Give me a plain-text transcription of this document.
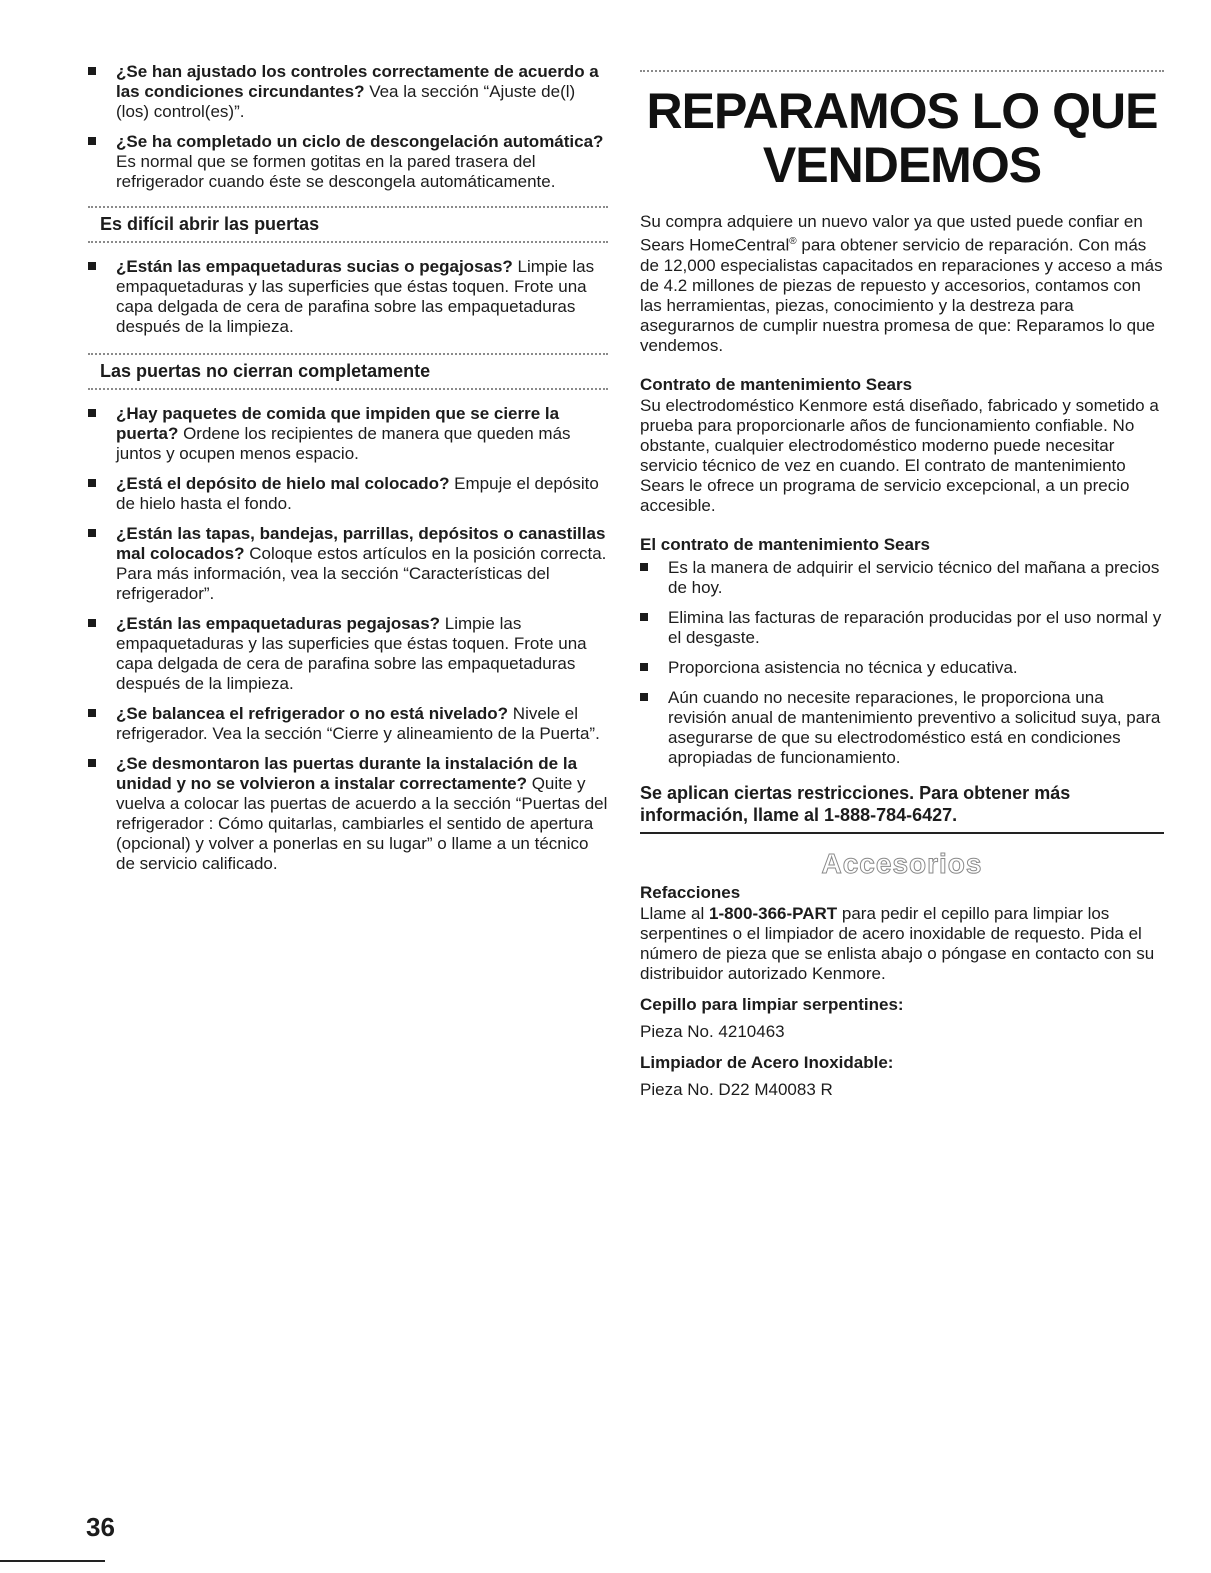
¿Se han ajustado los controles correctamente de acuerdo a las condiciones circundantes? Vea la sección “Ajuste de(l) (los) control(es)”.
¿Se ha completado un ciclo de descongelación automática? Es normal que se formen gotitas en la pared trasera del refrigerador cuando éste se descongela automáticamente.
Es difícil abrir las puertas
¿Están las empaquetaduras sucias o pegajosas? Limpie las empaquetaduras y las superficies que éstas toquen. Frote una capa delgada de cera de parafina sobre las empaquetaduras después de la limpieza.
Las puertas no cierran completamente
¿Hay paquetes de comida que impiden que se cierre la puerta? Ordene los recipientes de manera que queden más juntos y ocupen menos espacio.
¿Está el depósito de hielo mal colocado? Empuje el depósito de hielo hasta el fondo.
¿Están las tapas, bandejas, parrillas, depósitos o canastillas mal colocados? Coloque estos artículos en la posición correcta. Para más información, vea la sección “Características del refrigerador”.
¿Están las empaquetaduras pegajosas? Limpie las empaquetaduras y las superficies que éstas toquen. Frote una capa delgada de cera de parafina sobre las empaquetaduras después de la limpieza.
¿Se balancea el refrigerador o no está nivelado? Nivele el refrigerador. Vea la sección “Cierre y alineamiento de la Puerta”.
¿Se desmontaron las puertas durante la instalación de la unidad y no se volvieron a instalar correctamente? Quite y vuelva a colocar las puertas de acuerdo a la sección “Puertas del refrigerador : Cómo quitarlas, cambiarles el sentido de apertura (opcional) y volver a ponerlas en su lugar” o llame a un técnico de servicio calificado.
REPARAMOS LO QUE
VENDEMOS

Su compra adquiere un nuevo valor ya que usted puede confiar en Sears HomeCentral® para obtener servicio de reparación. Con más de 12,000 especialistas capacitados en reparaciones y acceso a más de 4.2 millones de piezas de repuesto y accesorios, contamos con las herramientas, piezas, conocimiento y la destreza para asegurarnos de cumplir nuestra promesa de que: Reparamos lo que vendemos.

Contrato de mantenimiento Sears

Su electrodoméstico Kenmore está diseñado, fabricado y sometido a prueba para proporcionarle años de funcionamiento confiable. No obstante, cualquier electrodoméstico moderno puede necesitar servicio técnico de vez en cuando. El contrato de mantenimiento Sears le ofrece un programa de servicio excepcional, a un precio accesible.

El contrato de mantenimiento Sears

Es la manera de adquirir el servicio técnico del mañana a precios de hoy.
Elimina las facturas de reparación producidas por el uso normal y el desgaste.
Proporciona asistencia no técnica y educativa.
Aún cuando no necesite reparaciones, le proporciona una revisión anual de mantenimiento preventivo a solicitud suya, para asegurarse de que su electrodoméstico está en condiciones apropiadas de funcionamiento.

Se aplican ciertas restricciones. Para obtener más información, llame al 1-888-784-6427.

Accesorios

Refacciones

Llame al 1-800-366-PART para pedir el cepillo para limpiar los serpentines o el limpiador de acero inoxidable de requesto. Pida el número de pieza que se enlista abajo o póngase en contacto con su distribuidor autorizado Kenmore.

Cepillo para limpiar serpentines:

Pieza No. 4210463

Limpiador de Acero Inoxidable:

Pieza No. D22 M40083 R

36
